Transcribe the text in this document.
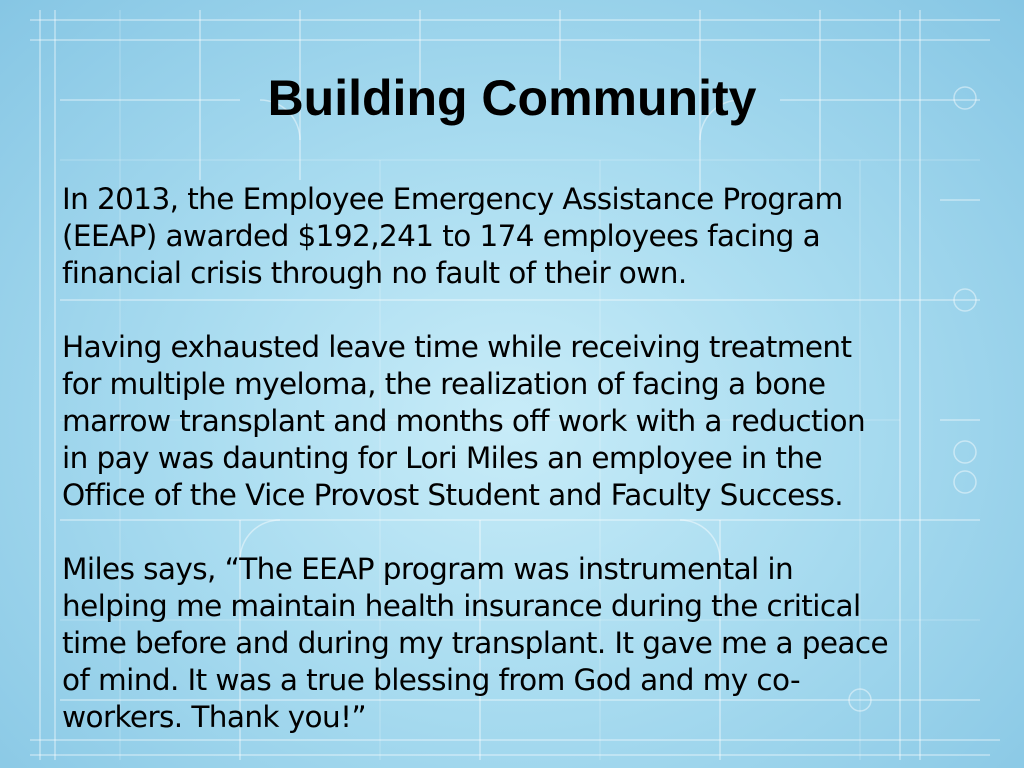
Building Community

In 2013, the Employee Emergency Assistance Program
(EEAP) awarded $192,241 to 174 employees facing a
financial crisis through no fault of their own.

Having exhausted leave time while receiving treatment
for multiple myeloma, the realization of facing a bone
marrow transplant and months off work with a reduction
in pay was daunting for Lori Miles an employee in the
Office of the Vice Provost Student and Faculty Success.

Miles says, “The EEAP program was instrumental in
helping me maintain health insurance during the critical
time before and during my transplant. It gave me a peace
of mind. It was a true blessing from God and my co-
workers. Thank you!”
